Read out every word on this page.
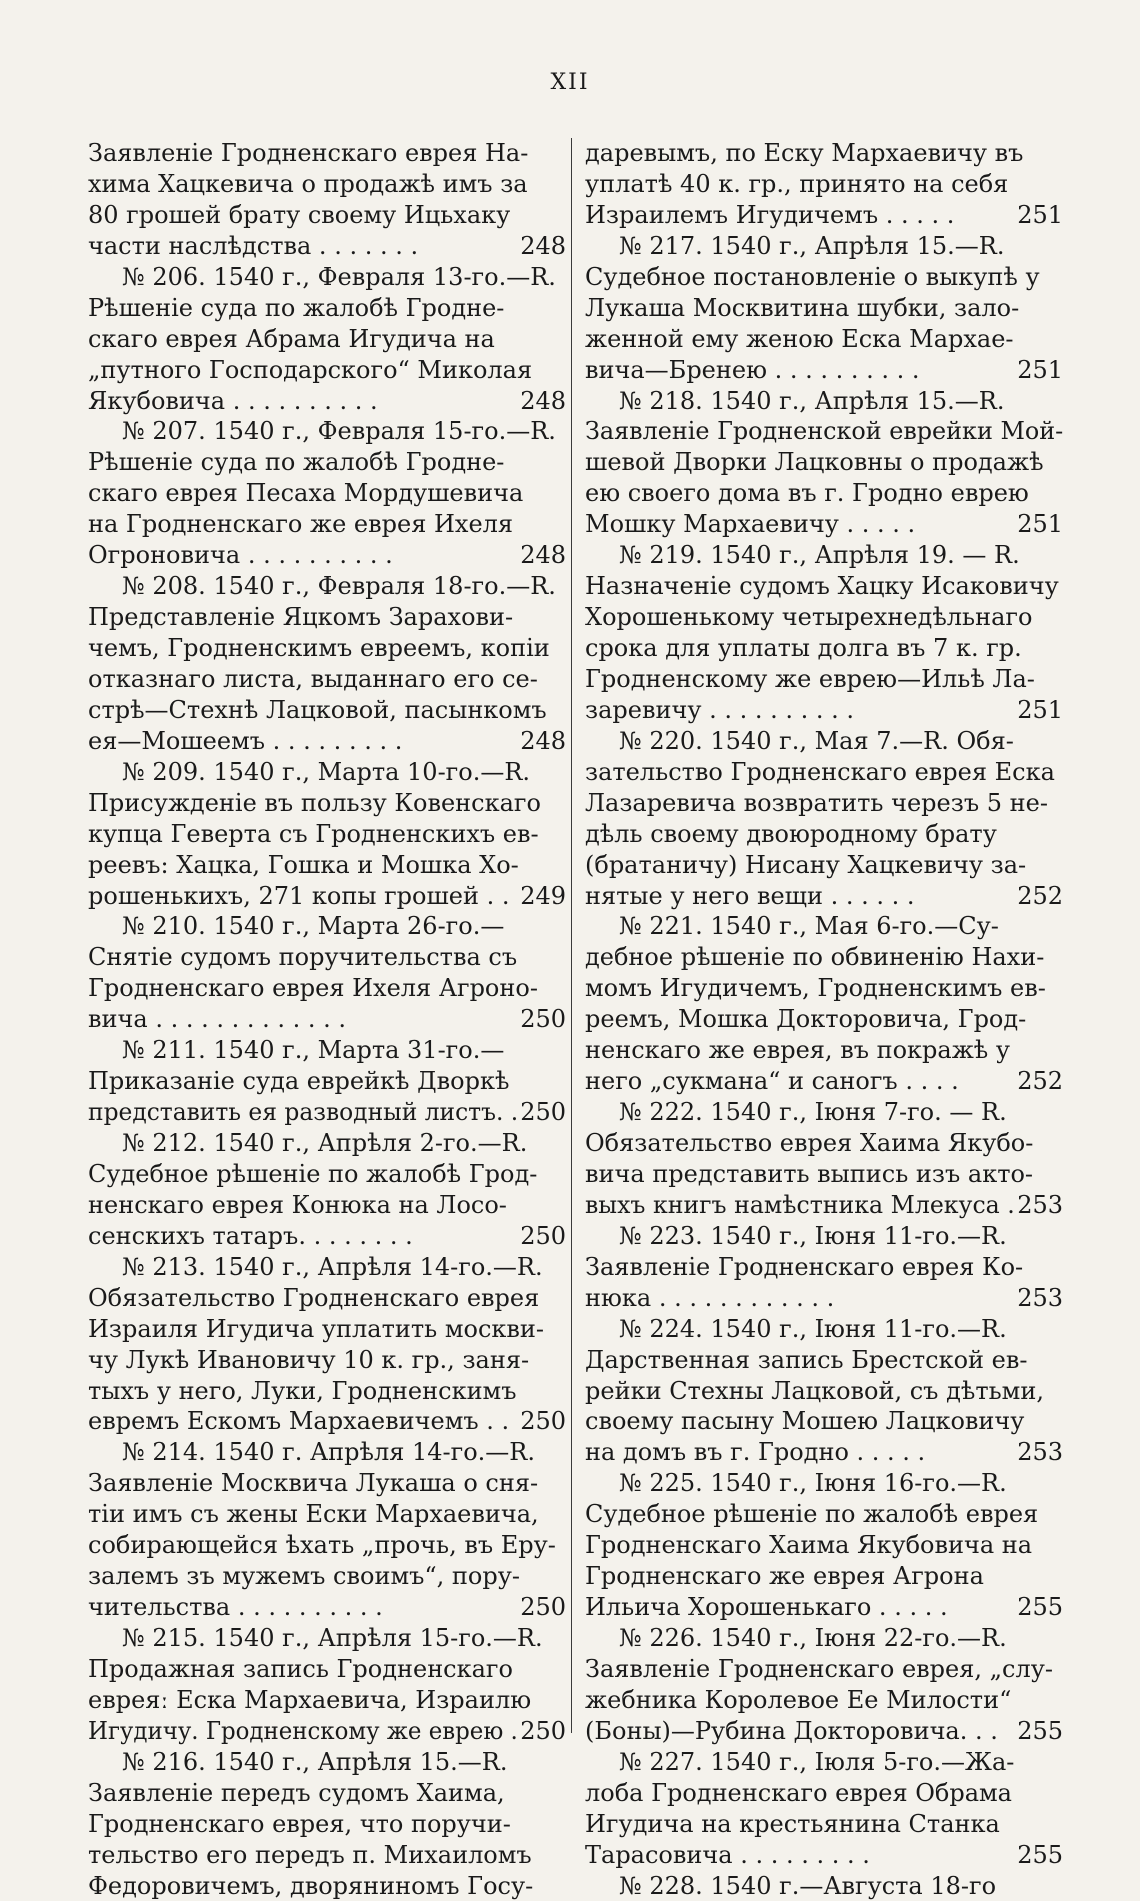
XII
Заявленіе Гродненскаго еврея На-
хима Хацкевича о продажѣ имъ за
80 грошей брату своему Ицьхаку
части наслѣдства . . . . . . .	248
№ 206. 1540 г., Февраля 13-го.—R.
Рѣшеніе суда по жалобѣ Гродне-
скаго еврея Абрама Игудича на
„путного Господарского“ Миколая
Якубовича . . . . . . . . . .	248
№ 207. 1540 г., Февраля 15-го.—R.
Рѣшеніе суда по жалобѣ Гродне-
скаго еврея Песаха Мордушевича
на Гродненскаго же еврея Ихеля
Огроновича . . . . . . . . . .	248
№ 208. 1540 г., Февраля 18-го.—R.
Представленіе Яцкомъ Зарахови-
чемъ, Гродненскимъ евреемъ, копіи
отказнаго листа, выданнаго его се-
стрѣ—Стехнѣ Лацковой, пасынкомъ
ея—Мошеемъ . . . . . . . . .	248
№ 209. 1540 г., Марта 10-го.—R.
Присужденіе въ пользу Ковенскаго
купца Геверта съ Гродненскихъ ев-
реевъ: Хацка, Гошка и Мошка Хо-
рошенькихъ, 271 копы грошей . . 249
№ 210. 1540 г., Марта 26-го.—
Снятіе судомъ поручительства съ
Гродненскаго еврея Ихеля Агроно-
вича . . . . . . . . . . . . .	250
№ 211. 1540 г., Марта 31-го.—
Приказаніе суда еврейкѣ Дворкѣ
представить ея разводный листъ. . 250
№ 212. 1540 г., Апрѣля 2-го.—R.
Судебное рѣшеніе по жалобѣ Грод-
ненскаго еврея Конюка на Лосо-
сенскихъ татаръ. . . . . . . .	250
№ 213. 1540 г., Апрѣля 14-го.—R.
Обязательство Гродненскаго еврея
Израиля Игудича уплатить москви-
чу Лукѣ Ивановичу 10 к. гр., заня-
тыхъ у него, Луки, Гродненскимъ
евремъ Ескомъ Мархаевичемъ . . 250
№ 214. 1540 г. Апрѣля 14-го.—R.
Заявленіе Москвича Лукаша о сня-
тіи имъ съ жены Ески Мархаевича,
собирающейся ѣхать „прочь, въ Еру-
залемъ зъ мужемъ своимъ“, пору-
чительства . . . . . . . . . .	250
№ 215. 1540 г., Апрѣля 15-го.—R.
Продажная запись Гродненскаго
евреяː Еска Мархаевича, Израилю
Игудичу. Гродненскому же еврею . 250
№ 216. 1540 г., Апрѣля 15.—R.
Заявленіе передъ судомъ Хаима,
Гродненскаго еврея, что поручи-
тельство его передъ п. Михаиломъ
Федоровичемъ, дворяниномъ Госу-
даревымъ, по Еску Мархаевичу въ
уплатѣ 40 к. гр., принято на себя
Израилемъ Игудичемъ . . . . .	251
№ 217. 1540 г., Апрѣля 15.—R.
Судебное постановленіе о выкупѣ у
Лукаша Москвитина шубки, зало-
женной ему женою Еска Мархае-
вича—Бренею . . . . . . . . . .	251
№ 218. 1540 г., Апрѣля 15.—R.
Заявленіе Гродненской еврейки Мой-
шевой Дворки Лацковны о продажѣ
ею своего дома въ г. Гродно еврею
Мошку Мархаевичу . . . . .	251
№ 219. 1540 г., Апрѣля 19. — R.
Назначеніе судомъ Хацку Исаковичу
Хорошенькому четырехнедѣльнаго
срока для уплаты долга въ 7 к. гр.
Гродненскому же еврею—Ильѣ Ла-
заревичу . . . . . . . . . .	251
№ 220. 1540 г., Мая 7.—R. Обя-
зательство Гродненскаго еврея Еска
Лазаревича возвратить черезъ 5 не-
дѣль своему двоюродному брату
(братаничу) Нисану Хацкевичу за-
нятые у него вещи . . . . . .	252
№ 221. 1540 г., Мая 6-го.—Су-
дебное рѣшеніе по обвиненію Нахи-
момъ Игудичемъ, Гродненскимъ ев-
реемъ, Мошка Докторовича, Грод-
ненскаго же еврея, въ покражѣ у
него „сукмана“ и саногъ . . . . 252
№ 222. 1540 г., Іюня 7-го. — R.
Обязательство еврея Хаима Якубо-
вича представить выпись изъ акто-
выхъ книгъ намѣстника Млекуса . 253
№ 223. 1540 г., Іюня 11-го.—R.
Заявленіе Гродненскаго еврея Ко-
нюка . . . . . . . . . . . .	253
№ 224. 1540 г., Іюня 11-го.—R.
Дарственная запись Брестской ев-
рейки Стехны Лацковой, съ дѣтьми,
своему пасыну Мошею Лацковичу
на домъ въ г. Гродно . . . . .	253
№ 225. 1540 г., Іюня 16-го.—R.
Судебное рѣшеніе по жалобѣ еврея
Гродненскаго Хаима Якубовича на
Гродненскаго же еврея Агрона
Ильича Хорошенькаго . . . . .	255
№ 226. 1540 г., Іюня 22-го.—R.
Заявленіе Гродненскаго еврея, „слу-
жебника Королевое Ее Милости“
(Боны)—Рубина Докторовича. . . 255
№ 227. 1540 г., Іюля 5-го.—Жа-
лоба Гродненскаго еврея Обрама
Игудича на крестьянина Станка
Тарасовича . . . . . . . . .	255
№ 228. 1540 г.—Августа 18-го
